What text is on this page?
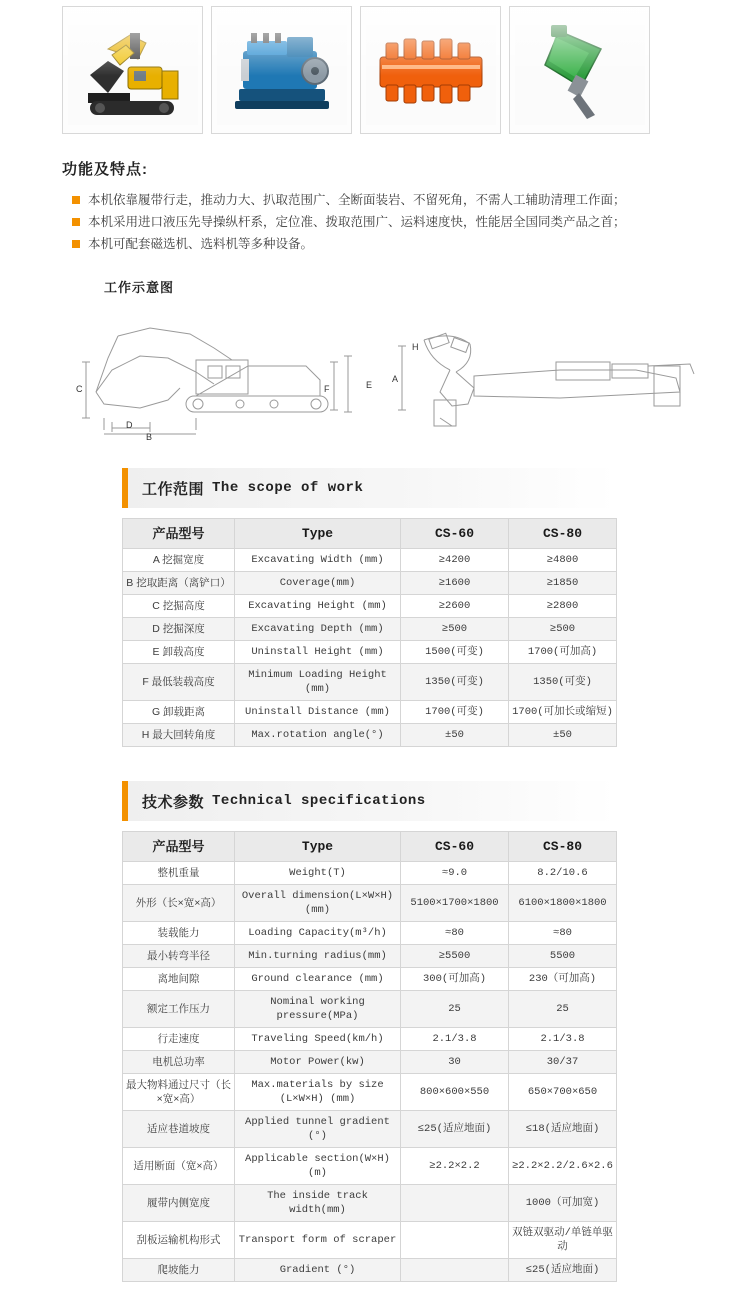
功能及特点:
本机依靠履带行走，推动力大、扒取范围广、全断面装岩、不留死角，不需人工辅助清理工作面；
本机采用进口液压先导操纵杆系，定位准、拨取范围广、运料速度快，性能居全国同类产品之首；
本机可配套磁选机、选料机等多种设备。
工作示意图
C
D
B
E
F
H
A
工作范围 The scope of work
产品型号	Type	CS-60	CS-80
A 挖掘宽度	Excavating Width (mm)	≥4200	≥4800
B 挖取距离（离铲口）	Coverage(mm)	≥1600	≥1850
C 挖掘高度	Excavating Height (mm)	≥2600	≥2800
D 挖掘深度	Excavating Depth (mm)	≥500	≥500
E 卸载高度	Uninstall Height (mm)	1500(可变)	1700(可加高)
F 最低装载高度	Minimum Loading Height (mm)	1350(可变)	1350(可变)
G 卸载距离	Uninstall Distance (mm)	1700(可变)	1700(可加长或缩短)
H 最大回转角度	Max.rotation angle(°)	±50	±50
技术参数 Technical specifications
产品型号	Type	CS-60	CS-80
整机重量	Weight(T)	≈9.0	8.2/10.6
外形（长×宽×高）	Overall dimension(L×W×H) (mm)	5100×1700×1800	6100×1800×1800
装载能力	Loading Capacity(m³/h)	≈80	≈80
最小转弯半径	Min.turning radius(mm)	≥5500	5500
离地间隙	Ground clearance (mm)	300(可加高)	230（可加高)
额定工作压力	Nominal working pressure(MPa)	25	25
行走速度	Traveling Speed(km/h)	2.1/3.8	2.1/3.8
电机总功率	Motor Power(kw)	30	30/37
最大物料通过尺寸（长×宽×高）	Max.materials by size (L×W×H) (mm)	800×600×550	650×700×650
适应巷道坡度	Applied tunnel gradient (°)	≤25(适应地面)	≤18(适应地面)
适用断面（宽×高）	Applicable section(W×H)(m)	≥2.2×2.2	≥2.2×2.2/2.6×2.6
履带内侧宽度	The inside track width(mm)		1000（可加宽)
刮板运输机构形式	Transport form of scraper		双链双驱动/单链单驱动
爬坡能力	Gradient (°)		≤25(适应地面)
